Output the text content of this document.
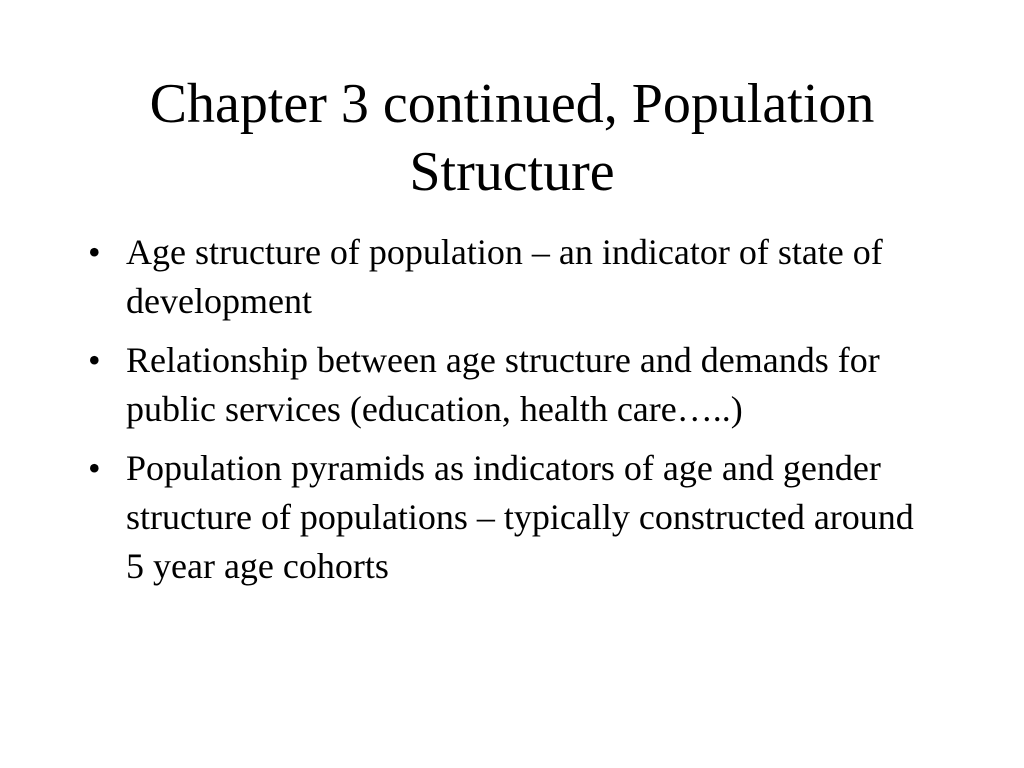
Chapter 3 continued, Population
Structure
• Age structure of population – an indicator of state of development
• Relationship between age structure and demands for public services (education, health care…..)
• Population pyramids as indicators of age and gender structure of populations – typically constructed around 5 year age cohorts
